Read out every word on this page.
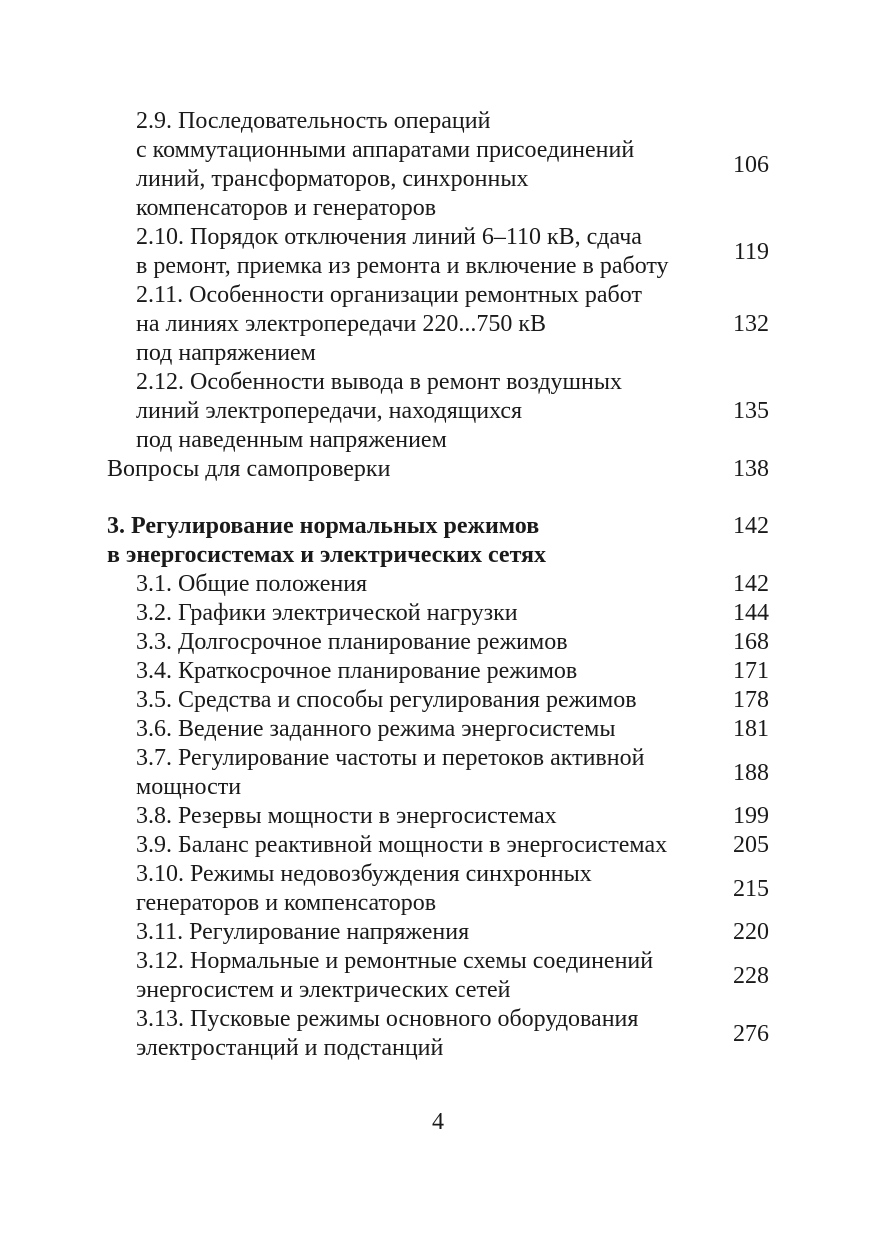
2.9. Последовательность операций
с коммутационными аппаратами присоединений
линий, трансформаторов, синхронных
компенсаторов и генераторов
106
2.10. Порядок отключения линий 6–110 кВ, сдача
в ремонт, приемка из ремонта и включение в работу
119
2.11. Особенности организации ремонтных работ
на линиях электропередачи 220...750 кВ
под напряжением
132
2.12. Особенности вывода в ремонт воздушных
линий электропередачи, находящихся
под наведенным напряжением
135
Вопросы для самопроверки	138
3. Регулирование нормальных режимов
в энергосистемах и электрических сетях
142
3.1. Общие положения	142
3.2. Графики электрической нагрузки	144
3.3. Долгосрочное планирование режимов	168
3.4. Краткосрочное планирование режимов	171
3.5. Средства и способы регулирования режимов	178
3.6. Ведение заданного режима энергосистемы	181
3.7. Регулирование частоты и перетоков активной
мощности
188
3.8. Резервы мощности в энергосистемах	199
3.9. Баланс реактивной мощности в энергосистемах	205
3.10. Режимы недовозбуждения синхронных
генераторов и компенсаторов
215
3.11. Регулирование напряжения	220
3.12. Нормальные и ремонтные схемы соединений
энергосистем и электрических сетей
228
3.13. Пусковые режимы основного оборудования
электростанций и подстанций
276
4
